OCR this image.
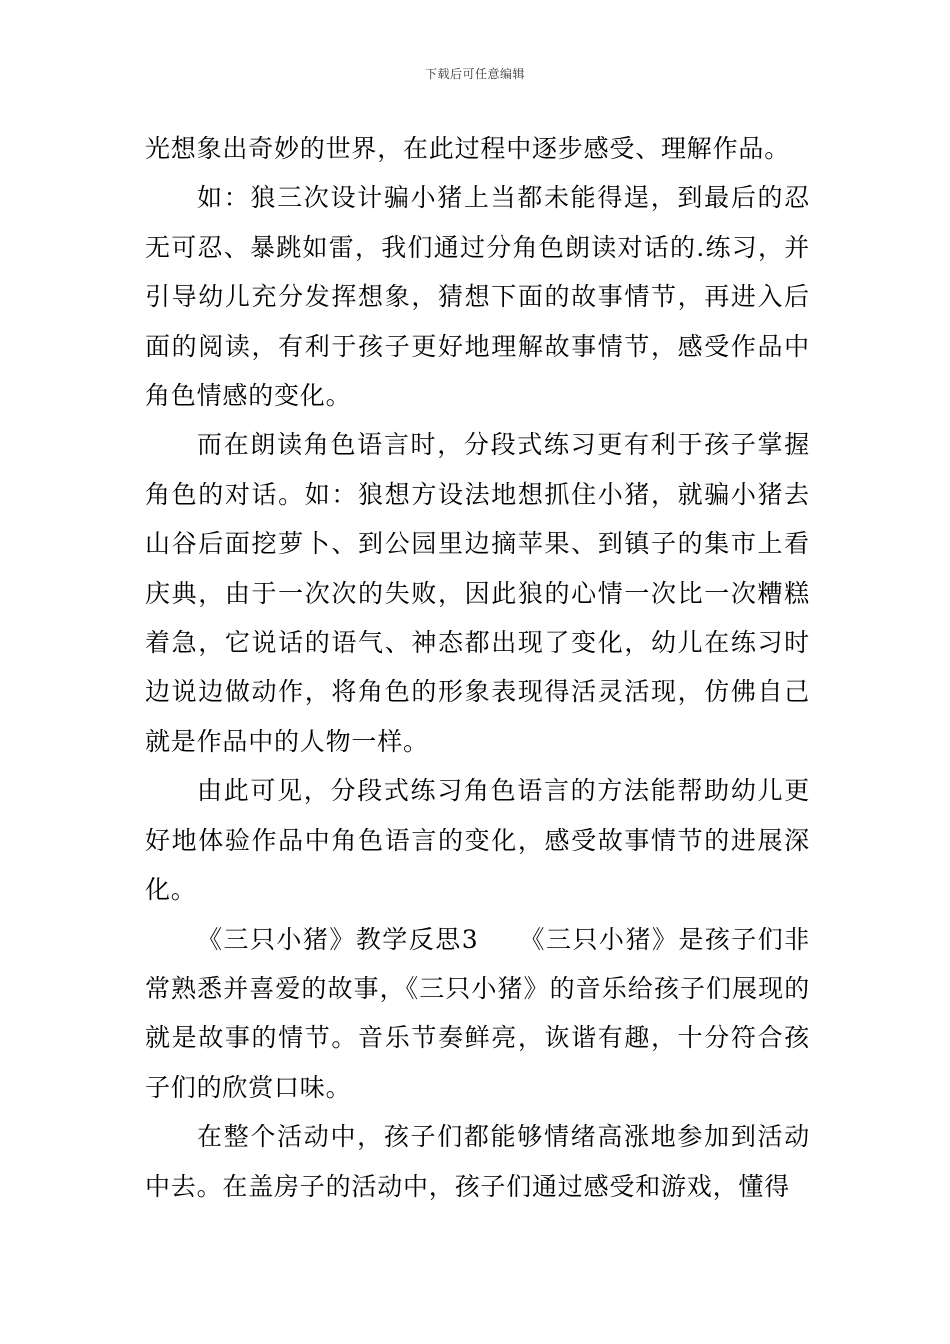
下载后可任意编辑

光想象出奇妙的世界，在此过程中逐步感受、理解作品。

如：狼三次设计骗小猪上当都未能得逞，到最后的忍无可忍、暴跳如雷，我们通过分角色朗读对话的.练习，并引导幼儿充分发挥想象，猜想下面的故事情节，再进入后面的阅读，有利于孩子更好地理解故事情节，感受作品中角色情感的变化。

而在朗读角色语言时，分段式练习更有利于孩子掌握角色的对话。如：狼想方设法地想抓住小猪，就骗小猪去山谷后面挖萝卜、到公园里边摘苹果、到镇子的集市上看庆典，由于一次次的失败，因此狼的心情一次比一次糟糕着急，它说话的语气、神态都出现了变化，幼儿在练习时边说边做动作，将角色的形象表现得活灵活现，仿佛自己就是作品中的人物一样。

由此可见，分段式练习角色语言的方法能帮助幼儿更好地体验作品中角色语言的变化，感受故事情节的进展深化。

《三只小猪》教学反思3　　《三只小猪》是孩子们非常熟悉并喜爱的故事，《三只小猪》的音乐给孩子们展现的就是故事的情节。音乐节奏鲜亮，诙谐有趣，十分符合孩子们的欣赏口味。

在整个活动中，孩子们都能够情绪高涨地参加到活动中去。在盖房子的活动中，孩子们通过感受和游戏，懂得
